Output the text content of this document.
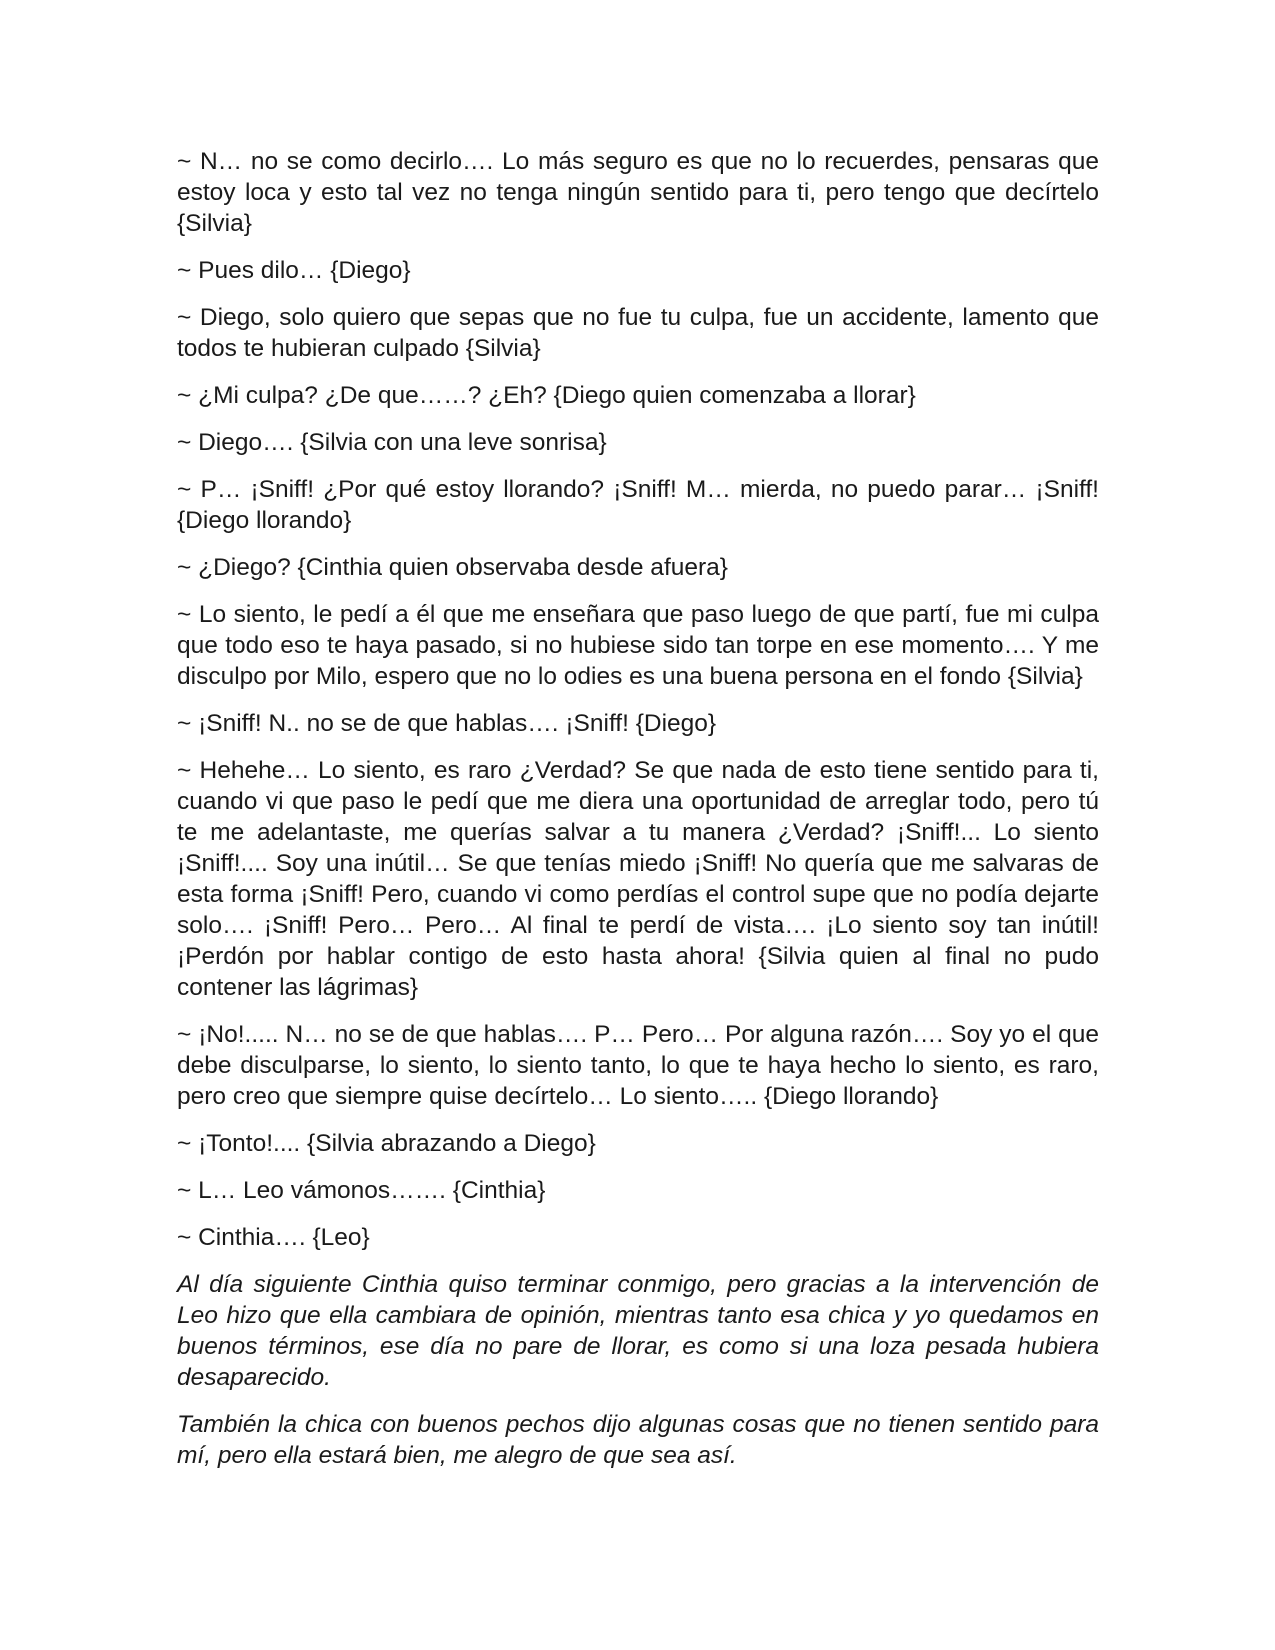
~ N… no se como decirlo…. Lo más seguro es que no lo recuerdes, pensaras que estoy loca y esto tal vez no tenga ningún sentido para ti, pero tengo que decírtelo {Silvia}

~ Pues dilo… {Diego}

~ Diego, solo quiero que sepas que no fue tu culpa, fue un accidente, lamento que todos te hubieran culpado {Silvia}

~ ¿Mi culpa? ¿De que……? ¿Eh? {Diego quien comenzaba a llorar}

~ Diego…. {Silvia con una leve sonrisa}

~ P… ¡Sniff! ¿Por qué estoy llorando? ¡Sniff! M… mierda, no puedo parar… ¡Sniff! {Diego llorando}

~ ¿Diego? {Cinthia quien observaba desde afuera}

~ Lo siento, le pedí a él que me enseñara que paso luego de que partí, fue mi culpa que todo eso te haya pasado, si no hubiese sido tan torpe en ese momento…. Y me disculpo por Milo, espero que no lo odies es una buena persona en el fondo {Silvia}

~ ¡Sniff! N.. no se de que hablas…. ¡Sniff! {Diego}

~ Hehehe… Lo siento, es raro ¿Verdad? Se que nada de esto tiene sentido para ti, cuando vi que paso le pedí que me diera una oportunidad de arreglar todo, pero tú te me adelantaste, me querías salvar a tu manera ¿Verdad? ¡Sniff!... Lo siento ¡Sniff!.... Soy una inútil… Se que tenías miedo ¡Sniff! No quería que me salvaras de esta forma ¡Sniff! Pero, cuando vi como perdías el control supe que no podía dejarte solo…. ¡Sniff! Pero… Pero… Al final te perdí de vista…. ¡Lo siento soy tan inútil! ¡Perdón por hablar contigo de esto hasta ahora! {Silvia quien al final no pudo contener las lágrimas}

~ ¡No!..... N… no se de que hablas…. P… Pero… Por alguna razón…. Soy yo el que debe disculparse, lo siento, lo siento tanto, lo que te haya hecho lo siento, es raro, pero creo que siempre quise decírtelo… Lo siento….. {Diego llorando}

~ ¡Tonto!.... {Silvia abrazando a Diego}

~ L… Leo vámonos……. {Cinthia}

~ Cinthia…. {Leo}

Al día siguiente Cinthia quiso terminar conmigo, pero gracias a la intervención de Leo hizo que ella cambiara de opinión, mientras tanto esa chica y yo quedamos en buenos términos, ese día no pare de llorar, es como si una loza pesada hubiera desaparecido.

También la chica con buenos pechos dijo algunas cosas que no tienen sentido para mí, pero ella estará bien, me alegro de que sea así.
